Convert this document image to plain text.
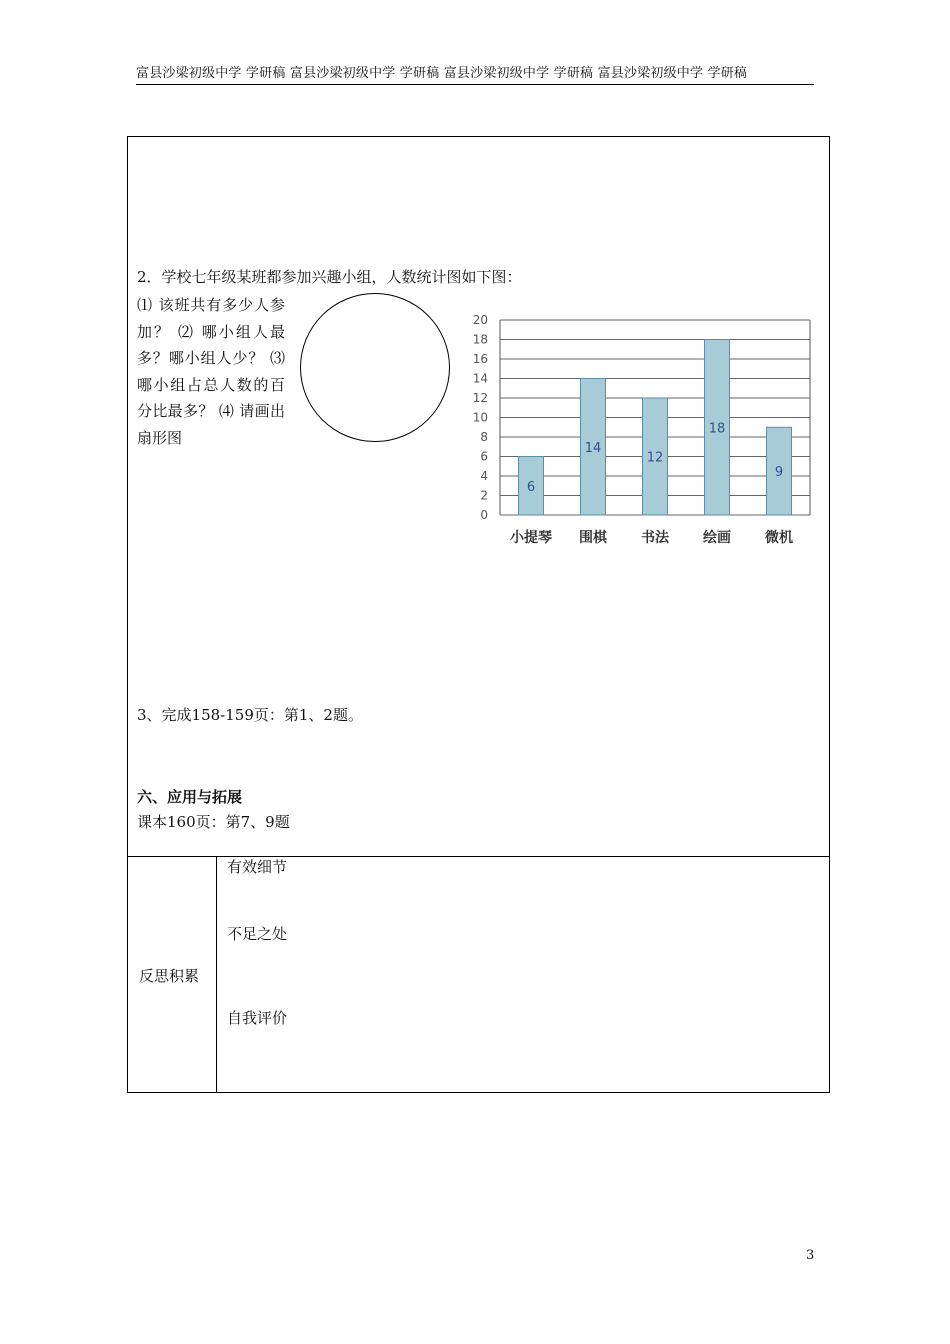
富县沙梁初级中学 学研稿 富县沙梁初级中学 学研稿 富县沙梁初级中学 学研稿 富县沙梁初级中学 学研稿
2．学校七年级某班都参加兴趣小组，人数统计图如下图：
⑴ 该班共有多少人参加？ ⑵ 哪小组人最多？哪小组人少？ ⑶ 哪小组占总人数的百分比最多？ ⑷ 请画出扇形图
0
2
4
6
8
10
12
14
16
18
20
6
小提琴
14
围棋
12
书法
18
绘画
9
微机
3、完成158-159页：第1、2题。
六、应用与拓展
课本160页：第7、9题
反思积累
有效细节
不足之处
自我评价
3
